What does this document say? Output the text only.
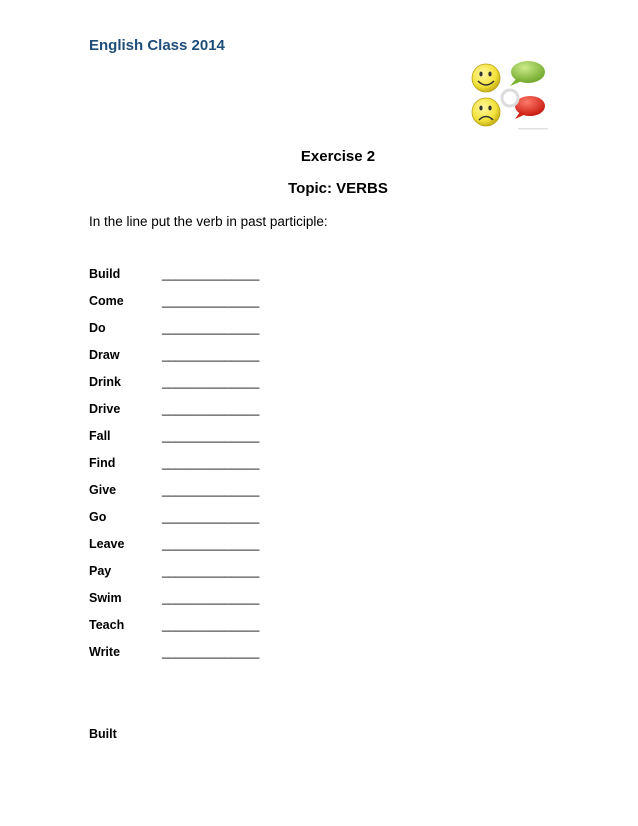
English Class 2014
Exercise 2
Topic: VERBS
In the line put the verb in past participle:
Build	______________
Come	______________
Do	______________
Draw	______________
Drink	______________
Drive	______________
Fall	______________
Find	______________
Give	______________
Go	______________
Leave	______________
Pay	______________
Swim	______________
Teach	______________
Write	______________
Built
